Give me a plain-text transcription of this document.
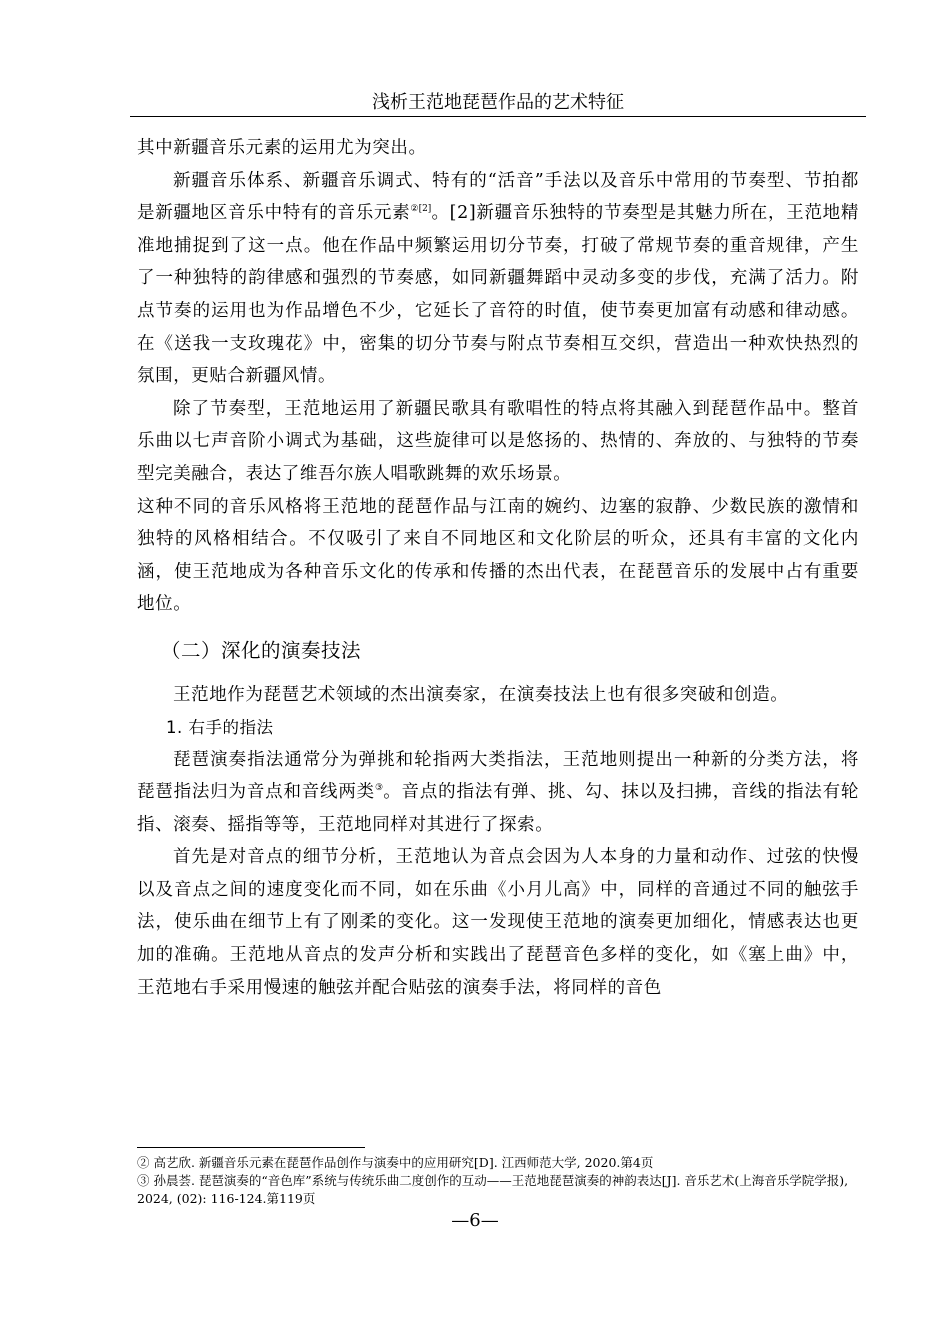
浅析王范地琵琶作品的艺术特征

其中新疆音乐元素的运用尤为突出。

新疆音乐体系、新疆音乐调式、特有的“活音”手法以及音乐中常用的节奏型、节拍都是新疆地区音乐中特有的音乐元素$^{②[2]}$。[2]新疆音乐独特的节奏型是其魅力所在，王范地精准地捕捉到了这一点。他在作品中频繁运用切分节奏，打破了常规节奏的重音规律，产生了一种独特的韵律感和强烈的节奏感，如同新疆舞蹈中灵动多变的步伐，充满了活力。附点节奏的运用也为作品增色不少，它延长了音符的时值，使节奏更加富有动感和律动感。在《送我一支玫瑰花》中，密集的切分节奏与附点节奏相互交织，营造出一种欢快热烈的氛围，更贴合新疆风情。

除了节奏型，王范地运用了新疆民歌具有歌唱性的特点将其融入到琵琶作品中。整首乐曲以七声音阶小调式为基础，这些旋律可以是悠扬的、热情的、奔放的、与独特的节奏型完美融合，表达了维吾尔族人唱歌跳舞的欢乐场景。

这种不同的音乐风格将王范地的琵琶作品与江南的婉约、边塞的寂静、少数民族的激情和独特的风格相结合。不仅吸引了来自不同地区和文化阶层的听众，还具有丰富的文化内涵，使王范地成为各种音乐文化的传承和传播的杰出代表，在琵琶音乐的发展中占有重要地位。

（二）深化的演奏技法

王范地作为琵琶艺术领域的杰出演奏家，在演奏技法上也有很多突破和创造。

1. 右手的指法

琵琶演奏指法通常分为弹挑和轮指两大类指法，王范地则提出一种新的分类方法，将琵琶指法归为音点和音线两类③。音点的指法有弹、挑、勾、抹以及扫拂，音线的指法有轮指、滚奏、摇指等等，王范地同样对其进行了探索。

首先是对音点的细节分析，王范地认为音点会因为人本身的力量和动作、过弦的快慢以及音点之间的速度变化而不同，如在乐曲《小月儿高》中，同样的音通过不同的触弦手法，使乐曲在细节上有了刚柔的变化。这一发现使王范地的演奏更加细化，情感表达也更加的准确。王范地从音点的发声分析和实践出了琵琶音色多样的变化，如《塞上曲》中，王范地右手采用慢速的触弦并配合贴弦的演奏手法，将同样的音色

② 高艺欣. 新疆音乐元素在琵琶作品创作与演奏中的应用研究[D]. 江西师范大学, 2020.第4页

③ 孙晨荟. 琵琶演奏的“音色库”系统与传统乐曲二度创作的互动——王范地琵琶演奏的神韵表达[J]. 音乐艺术(上海音乐学院学报), 2024, (02): 116-124.第119页

—6—
